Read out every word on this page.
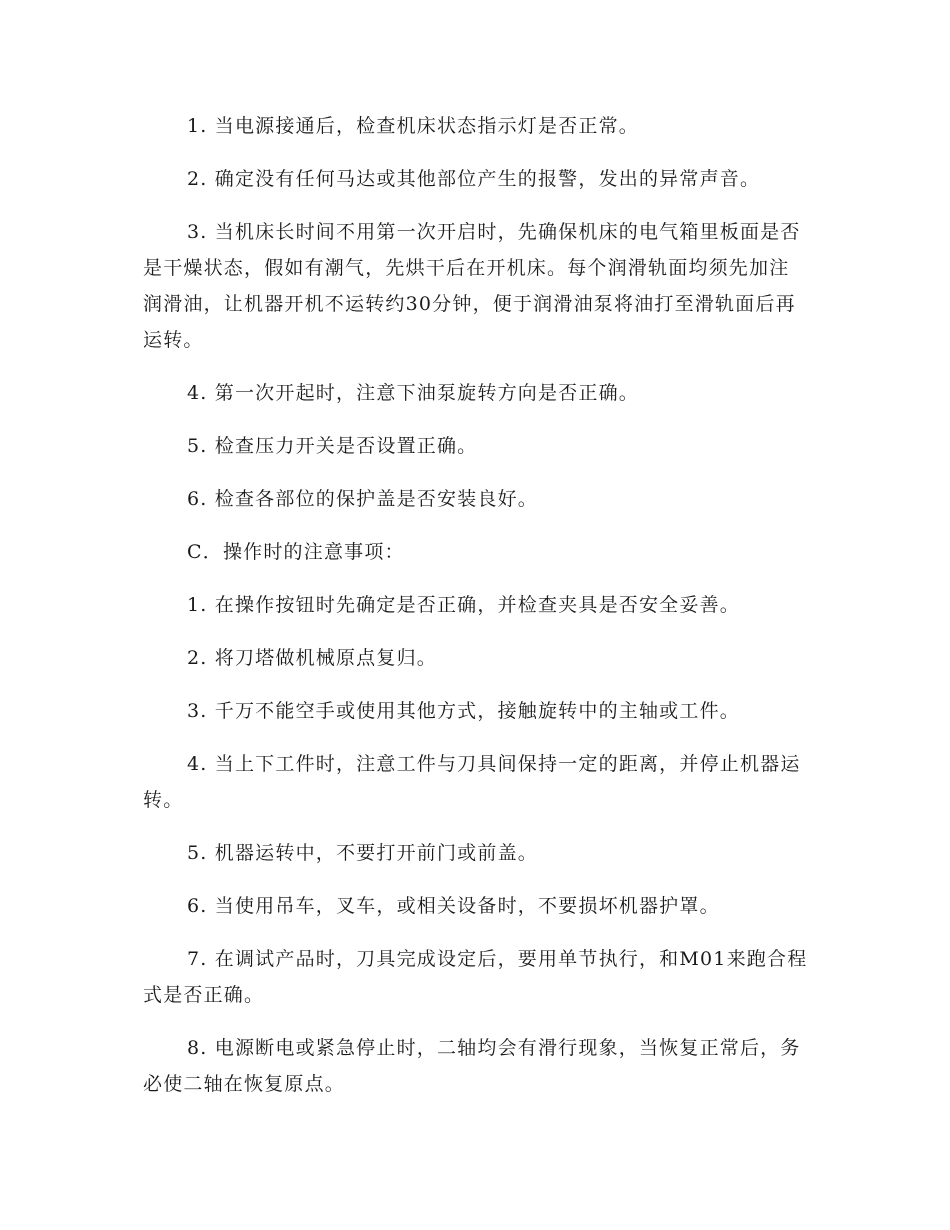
1. 当电源接通后，检查机床状态指示灯是否正常。

2. 确定没有任何马达或其他部位产生的报警，发出的异常声音。

3. 当机床长时间不用第一次开启时，先确保机床的电气箱里板面是否是干燥状态，假如有潮气，先烘干后在开机床。每个润滑轨面均须先加注润滑油，让机器开机不运转约30分钟，便于润滑油泵将油打至滑轨面后再运转。

4. 第一次开起时，注意下油泵旋转方向是否正确。

5. 检查压力开关是否设置正确。

6. 检查各部位的保护盖是否安装良好。

C．操作时的注意事项：

1. 在操作按钮时先确定是否正确，并检查夹具是否安全妥善。

2. 将刀塔做机械原点复归。

3. 千万不能空手或使用其他方式，接触旋转中的主轴或工件。

4. 当上下工件时，注意工件与刀具间保持一定的距离，并停止机器运转。

5. 机器运转中，不要打开前门或前盖。

6. 当使用吊车，叉车，或相关设备时，不要损坏机器护罩。

7. 在调试产品时，刀具完成设定后，要用单节执行，和M01来跑合程式是否正确。

8. 电源断电或紧急停止时，二轴均会有滑行现象，当恢复正常后，务必使二轴在恢复原点。
